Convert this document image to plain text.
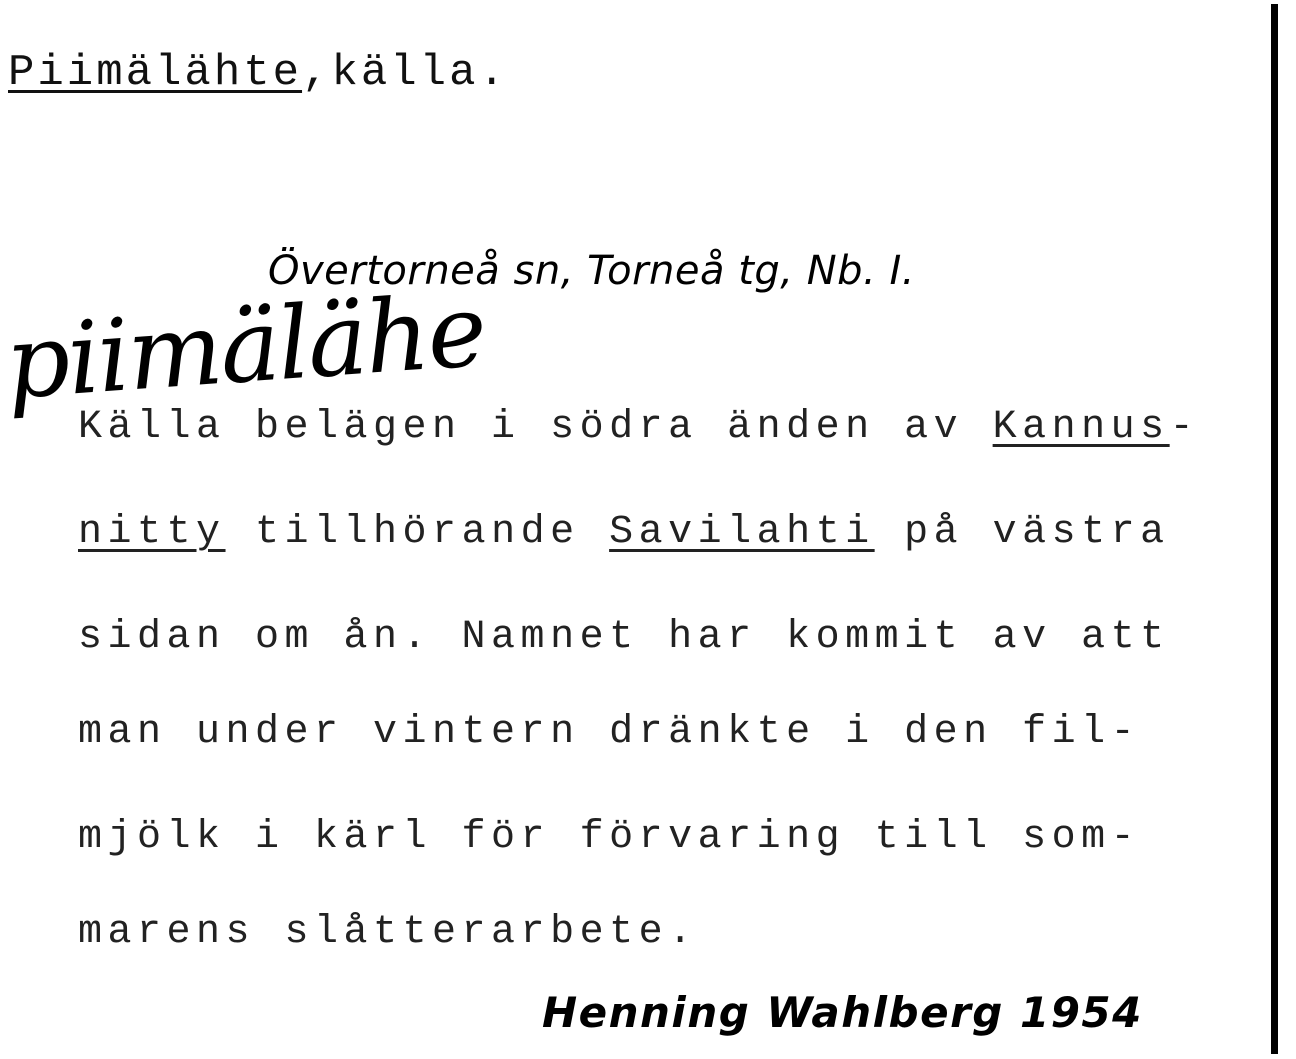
Piimälähte,källa.
Övertorneå sn, Torneå tg, Nb. I.
piimälähe
Källa belägen i södra änden av Kannus-
nitty tillhörande Savilahti på västra
sidan om ån. Namnet har kommit av att
man under vintern dränkte i den fil-
mjölk i kärl för förvaring till som-
marens slåtterarbete.
Henning Wahlberg 1954
